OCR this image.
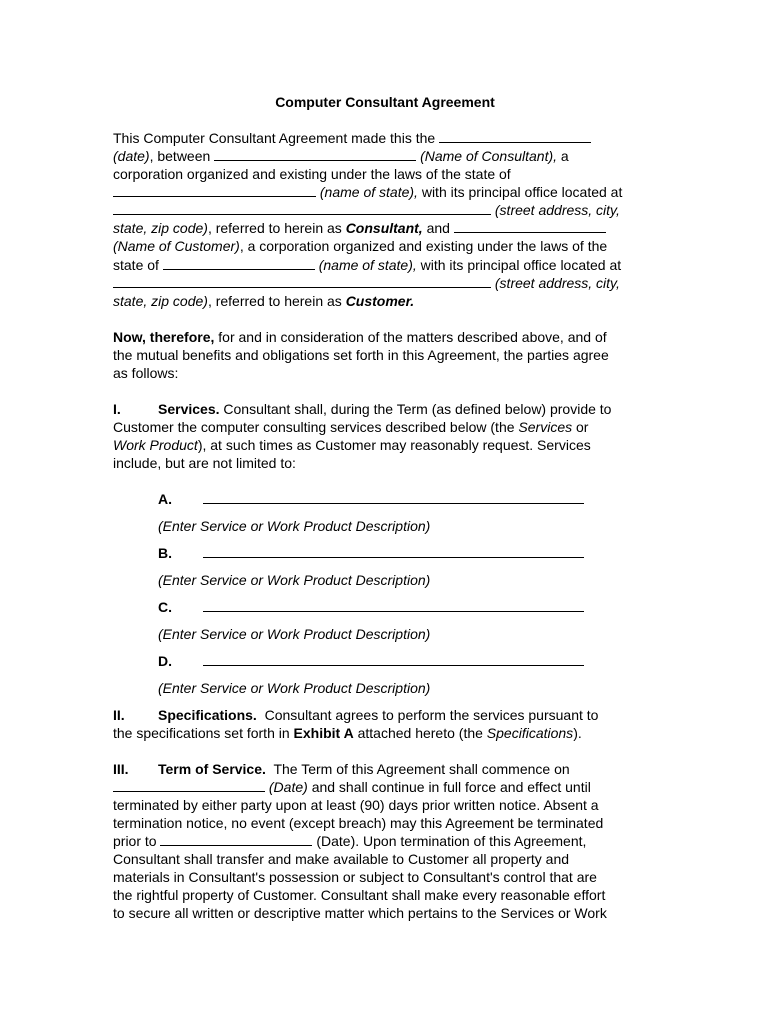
Computer Consultant Agreement
This Computer Consultant Agreement made this the
(date), between	(Name of Consultant), a
corporation organized and existing under the laws of the state of
(name of state), with its principal office located at
(street address, city,
state, zip code), referred to herein as Consultant, and
(Name of Customer), a corporation organized and existing under the laws of the
state of	(name of state), with its principal office located at
(street address, city,
state, zip code), referred to herein as Customer.
Now, therefore, for and in consideration of the matters described above, and of
the mutual benefits and obligations set forth in this Agreement, the parties agree
as follows:
I.	Services. Consultant shall, during the Term (as defined below) provide to
Customer the computer consulting services described below (the Services or
Work Product), at such times as Customer may reasonably request. Services
include, but are not limited to:
A.
(Enter Service or Work Product Description)
B.
(Enter Service or Work Product Description)
C.
(Enter Service or Work Product Description)
D.
(Enter Service or Work Product Description)
II. Specifications. Consultant agrees to perform the services pursuant to
the specifications set forth in Exhibit A attached hereto (the Specifications).
III. Term of Service. The Term of this Agreement shall commence on
(Date) and shall continue in full force and effect until
terminated by either party upon at least (90) days prior written notice. Absent a
termination notice, no event (except breach) may this Agreement be terminated
prior to	(Date). Upon termination of this Agreement,
Consultant shall transfer and make available to Customer all property and
materials in Consultant's possession or subject to Consultant's control that are
the rightful property of Customer. Consultant shall make every reasonable effort
to secure all written or descriptive matter which pertains to the Services or Work
